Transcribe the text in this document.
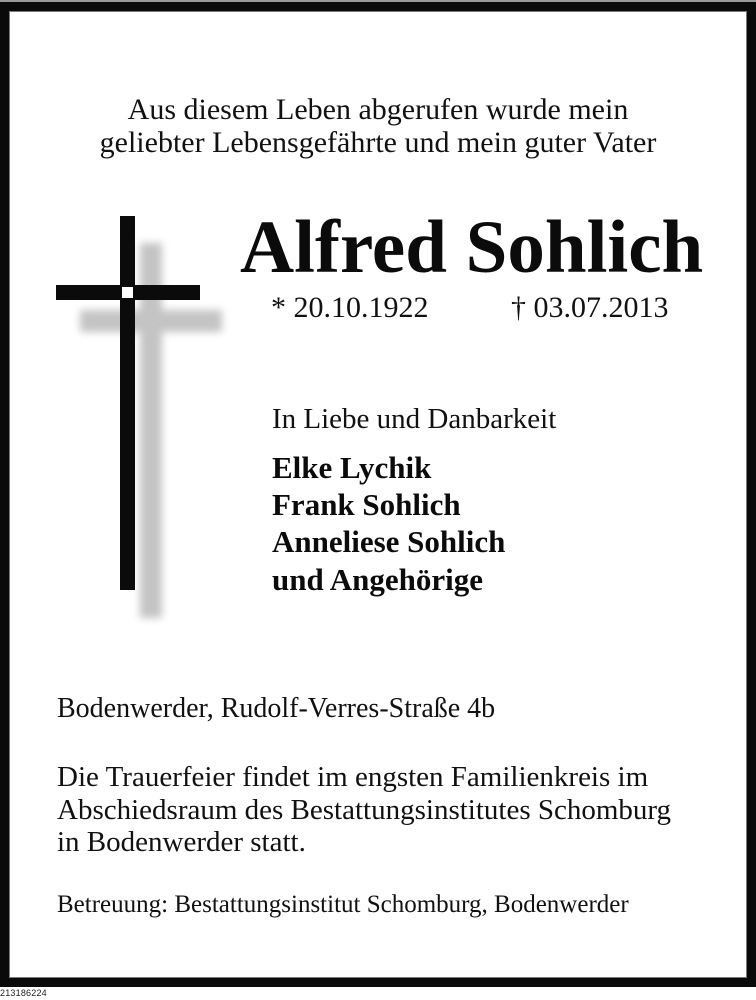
Aus diesem Leben abgerufen wurde mein

geliebter Lebensgefährte und mein guter Vater

Alfred Sohlich
* 20.10.1922	† 03.07.2013

In Liebe und Danbarkeit

Elke Lychik

Frank Sohlich

Anneliese Sohlich

und Angehörige

Bodenwerder, Rudolf-Verres-Straße 4b

Die Trauerfeier findet im engsten Familienkreis im

Abschiedsraum des Bestattungsinstitutes Schomburg

in Bodenwerder statt.

Betreuung: Bestattungsinstitut Schomburg, Bodenwerder

213186224
